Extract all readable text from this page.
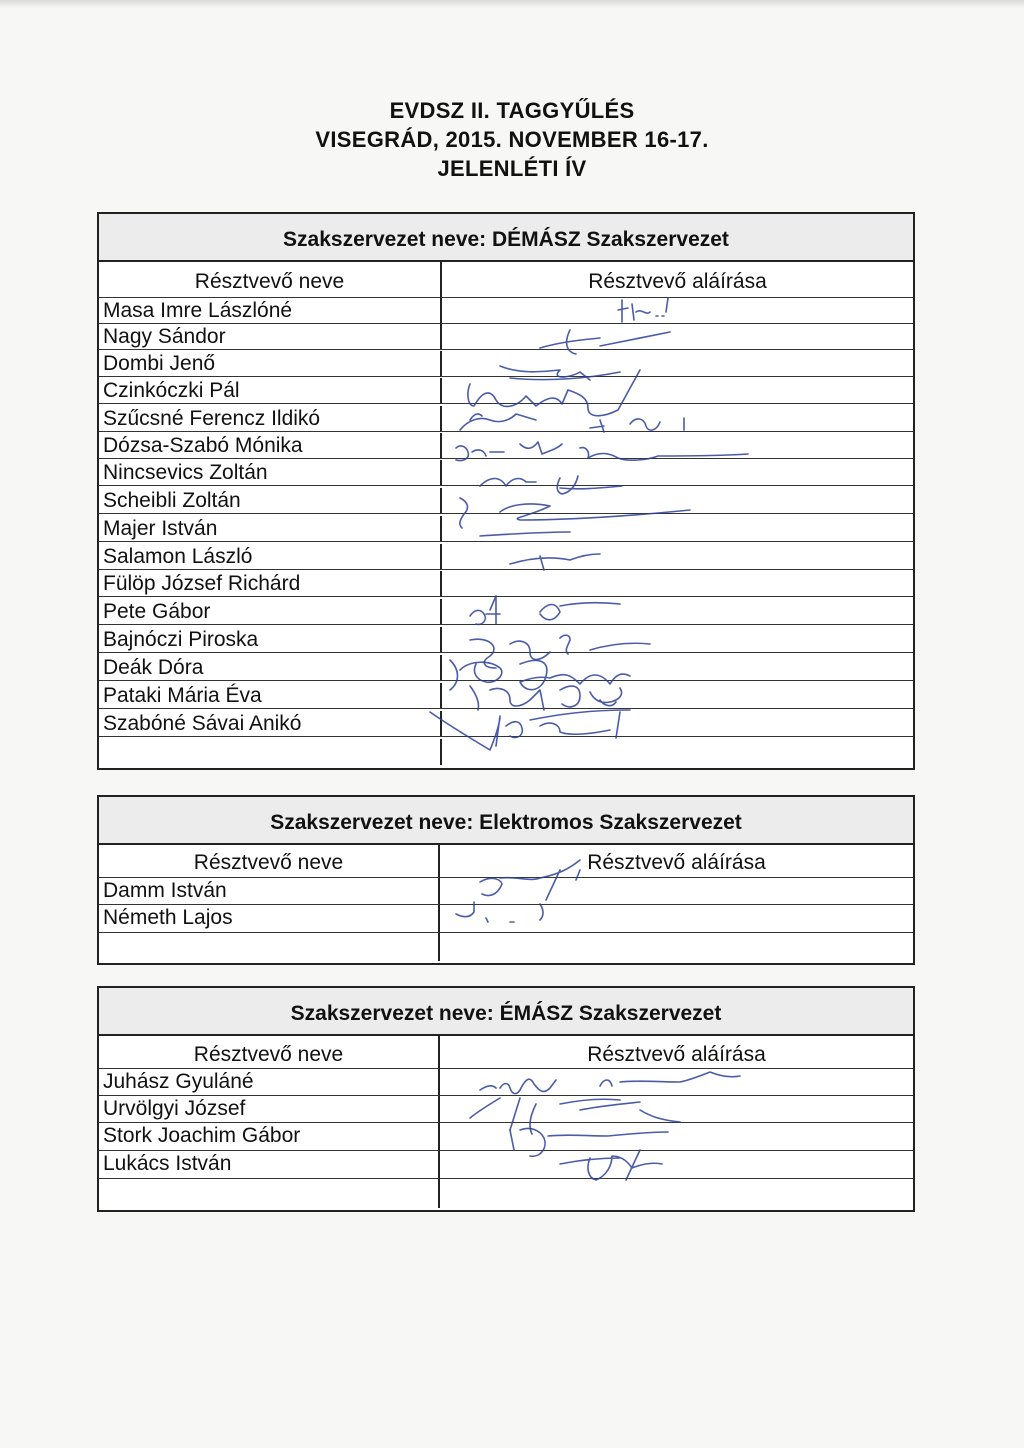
EVDSZ II. TAGGYŰLÉS
VISEGRÁD, 2015. NOVEMBER 16-17.
JELENLÉTI ÍV
Szakszervezet neve: DÉMÁSZ Szakszervezet
Résztvevő neve	Résztvevő aláírása
Masa Imre Lászlóné
Nagy Sándor
Dombi Jenő
Czinkóczki Pál
Szűcsné Ferencz Ildikó
Dózsa-Szabó Mónika
Nincsevics Zoltán
Scheibli Zoltán
Majer István
Salamon László
Fülöp József Richárd
Pete Gábor
Bajnóczi Piroska
Deák Dóra
Pataki Mária Éva
Szabóné Sávai Anikó
Szakszervezet neve: Elektromos Szakszervezet
Résztvevő neve	Résztvevő aláírása
Damm István
Németh Lajos
Szakszervezet neve: ÉMÁSZ Szakszervezet
Résztvevő neve	Résztvevő aláírása
Juhász Gyuláné
Urvölgyi József
Stork Joachim Gábor
Lukács István
